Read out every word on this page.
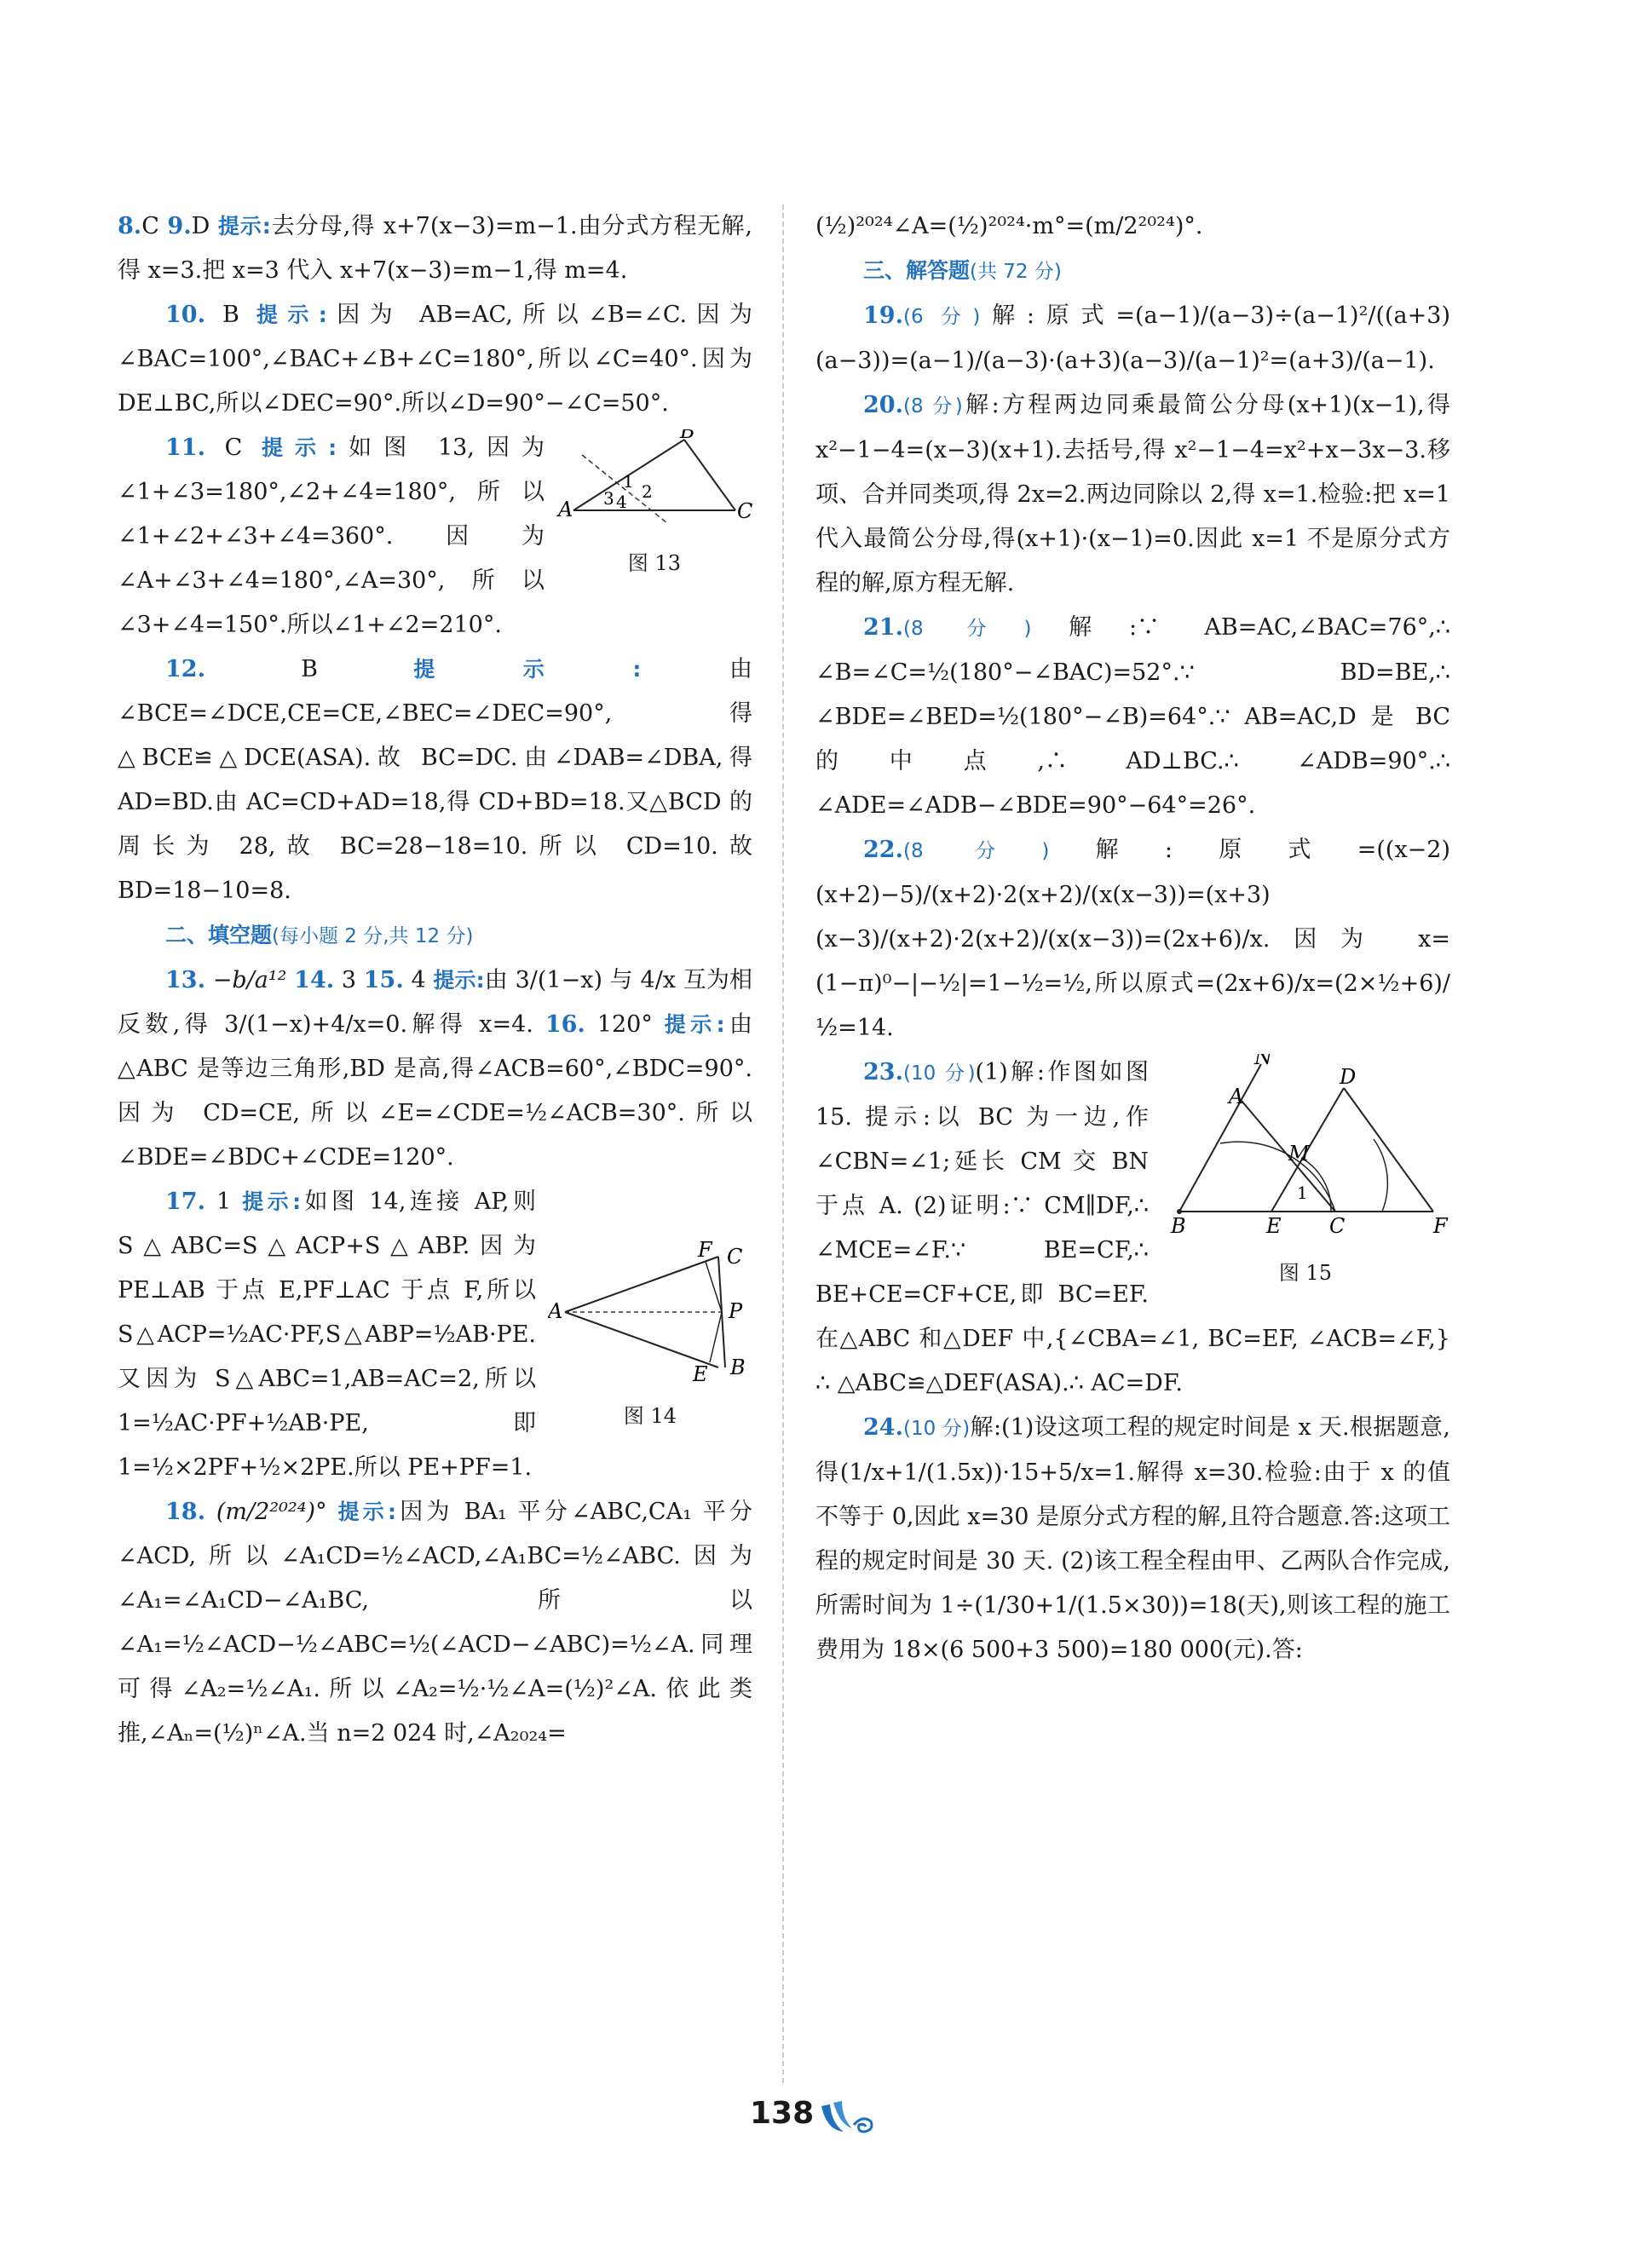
8.C 9.D 提示:去分母,得 x+7(x−3)=m−1.由分式方程无解,得 x=3.把 x=3 代入 x+7(x−3)=m−1,得 m=4.

10. B 提示:因为 AB=AC,所以∠B=∠C.因为∠BAC=100°,∠BAC+∠B+∠C=180°,所以∠C=40°.因为 DE⊥BC,所以∠DEC=90°.所以∠D=90°−∠C=50°.

A
B
C
1 2
3 4
图 13

11. C 提示:如图 13,因为∠1+∠3=180°,∠2+∠4=180°,所以∠1+∠2+∠3+∠4=360°.因为∠A+∠3+∠4=180°,∠A=30°,所以∠3+∠4=150°.所以∠1+∠2=210°.

12. B 提示:由∠BCE=∠DCE,CE=CE,∠BEC=∠DEC=90°,得△BCE≌△DCE(ASA).故 BC=DC.由∠DAB=∠DBA,得 AD=BD.由 AC=CD+AD=18,得 CD+BD=18.又△BCD 的周长为 28,故 BC=28−18=10.所以 CD=10.故 BD=18−10=8.

二、填空题(每小题 2 分,共 12 分)

13. −b/a¹² 14. 3 15. 4 提示:由 3/(1−x) 与 4/x 互为相反数,得 3/(1−x)+4/x=0.解得 x=4. 16. 120° 提示:由△ABC 是等边三角形,BD 是高,得∠ACB=60°,∠BDC=90°.因为 CD=CE,所以∠E=∠CDE=½∠ACB=30°.所以∠BDE=∠BDC+∠CDE=120°.

A
B
C
E
F
P
图 14

17. 1 提示:如图 14,连接 AP,则 S△ABC=S△ACP+S△ABP.因为 PE⊥AB 于点 E,PF⊥AC 于点 F,所以 S△ACP=½AC·PF,S△ABP=½AB·PE.又因为 S△ABC=1,AB=AC=2,所以 1=½AC·PF+½AB·PE,即 1=½×2PF+½×2PE.所以 PE+PF=1.

18. (m/2²⁰²⁴)° 提示:因为 BA₁ 平分∠ABC,CA₁ 平分∠ACD,所以∠A₁CD=½∠ACD,∠A₁BC=½∠ABC.因为∠A₁=∠A₁CD−∠A₁BC,所以∠A₁=½∠ACD−½∠ABC=½(∠ACD−∠ABC)=½∠A.同理可得∠A₂=½∠A₁.所以∠A₂=½·½∠A=(½)²∠A.依此类推,∠Aₙ=(½)ⁿ∠A.当 n=2 024 时,∠A₂₀₂₄=

(½)²⁰²⁴∠A=(½)²⁰²⁴·m°=(m/2²⁰²⁴)°.

三、解答题(共 72 分)

19.(6 分)解:原式=(a−1)/(a−3)÷(a−1)²/((a+3)(a−3))=(a−1)/(a−3)·(a+3)(a−3)/(a−1)²=(a+3)/(a−1).

20.(8 分)解:方程两边同乘最简公分母(x+1)(x−1),得 x²−1−4=(x−3)(x+1).去括号,得 x²−1−4=x²+x−3x−3.移项、合并同类项,得 2x=2.两边同除以 2,得 x=1.检验:把 x=1 代入最简公分母,得(x+1)·(x−1)=0.因此 x=1 不是原分式方程的解,原方程无解.

21.(8 分)解:∵ AB=AC,∠BAC=76°,∴ ∠B=∠C=½(180°−∠BAC)=52°.∵ BD=BE,∴ ∠BDE=∠BED=½(180°−∠B)=64°.∵ AB=AC,D 是 BC 的中点,∴ AD⊥BC.∴ ∠ADB=90°.∴ ∠ADE=∠ADB−∠BDE=90°−64°=26°.

22.(8 分)解:原式=((x−2)(x+2)−5)/(x+2)·2(x+2)/(x(x−3))=(x+3)(x−3)/(x+2)·2(x+2)/(x(x−3))=(2x+6)/x.因为 x=(1−π)⁰−|−½|=1−½=½,所以原式=(2x+6)/x=(2×½+6)/½=14.

N
A
D
M
B	E C	F
1
图 15

23.(10 分)(1)解:作图如图 15. 提示:以 BC 为一边,作∠CBN=∠1;延长 CM 交 BN 于点 A. (2)证明:∵ CM∥DF,∴ ∠MCE=∠F.∵ BE=CF,∴ BE+CE=CF+CE,即 BC=EF.在△ABC 和△DEF 中,{∠CBA=∠1, BC=EF, ∠ACB=∠F,} ∴ △ABC≌△DEF(ASA).∴ AC=DF.

24.(10 分)解:(1)设这项工程的规定时间是 x 天.根据题意,得(1/x+1/(1.5x))·15+5/x=1.解得 x=30.检验:由于 x 的值不等于 0,因此 x=30 是原分式方程的解,且符合题意.答:这项工程的规定时间是 30 天. (2)该工程全程由甲、乙两队合作完成,所需时间为 1÷(1/30+1/(1.5×30))=18(天),则该工程的施工费用为 18×(6 500+3 500)=180 000(元).答:

138
